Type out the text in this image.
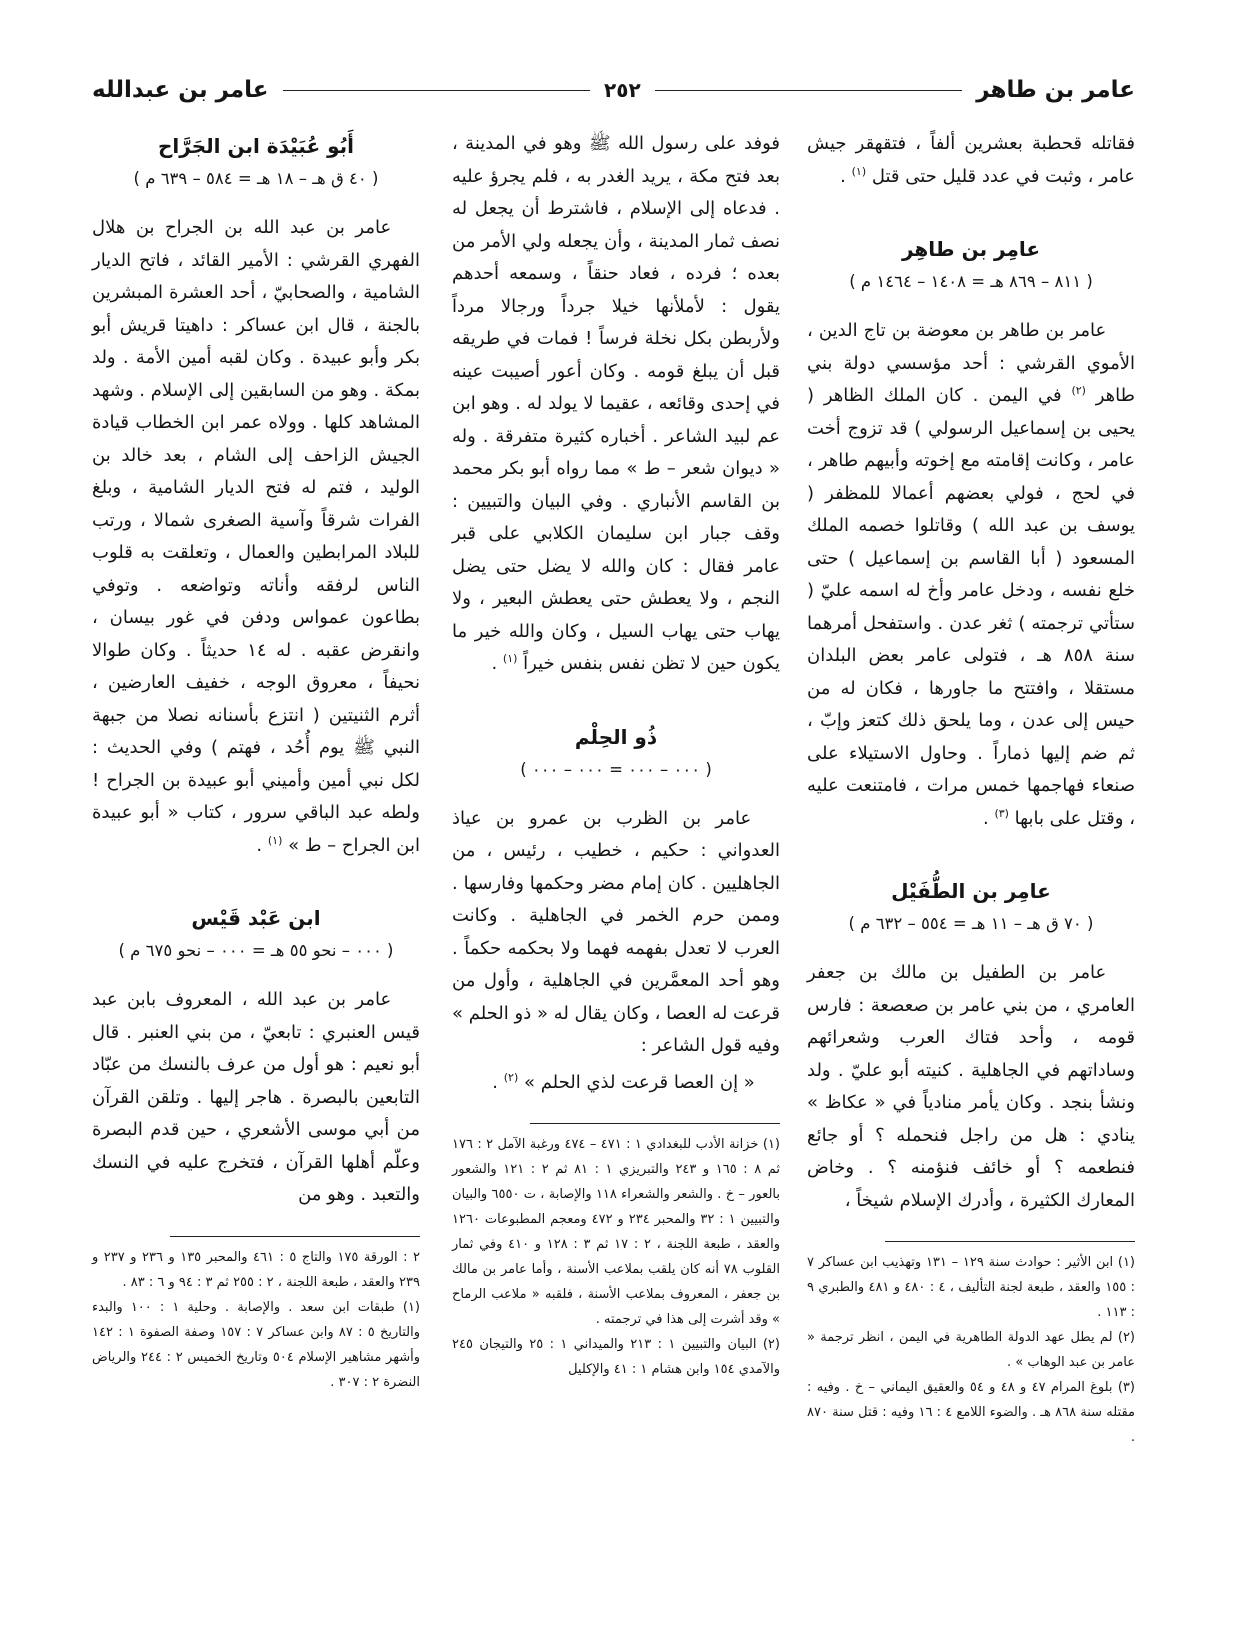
عامر بن طاهر
٢٥٢
عامر بن عبدالله

فقاتله قحطبة بعشرين ألفاً ، فتقهقر جيش عامر ، وثبت في عدد قليل حتى قتل $^{(١)}$ .

عامِر بن طاهِر
( ٨١١ – ٨٦٩ هـ = ١٤٠٨ – ١٤٦٤ م )

عامر بن طاهر بن معوضة بن تاج الدين ، الأموي القرشي : أحد مؤسسي دولة بني طاهر $^{(٢)}$ في اليمن . كان الملك الظاهر ( يحيى بن إسماعيل الرسولي ) قد تزوج أخت عامر ، وكانت إقامته مع إخوته وأبيهم طاهر ، في لحج ، فولي بعضهم أعمالا للمظفر ( يوسف بن عبد الله ) وقاتلوا خصمه الملك المسعود ( أبا القاسم بن إسماعيل ) حتى خلع نفسه ، ودخل عامر وأخ له اسمه عليّ ( ستأتي ترجمته ) ثغر عدن . واستفحل أمرهما سنة ٨٥٨ هـ ، فتولى عامر بعض البلدان مستقلا ، وافتتح ما جاورها ، فكان له من حيس إلى عدن ، وما يلحق ذلك كتعز وإبّ ، ثم ضم إليها ذماراً . وحاول الاستيلاء على صنعاء فهاجمها خمس مرات ، فامتنعت عليه ، وقتل على بابها $^{(٣)}$ .

عامِر بن الطُّفَيْل
( ٧٠ ق هـ – ١١ هـ = ٥٥٤ – ٦٣٢ م )

عامر بن الطفيل بن مالك بن جعفر العامري ، من بني عامر بن صعصعة : فارس قومه ، وأحد فتاك العرب وشعرائهم وساداتهم في الجاهلية . كنيته أبو عليّ . ولد ونشأ بنجد . وكان يأمر منادياً في « عكاظ » ينادي : هل من راجل فنحمله ؟ أو جائع فنطعمه ؟ أو خائف فنؤمنه ؟ . وخاض المعارك الكثيرة ، وأدرك الإسلام شيخاً ،

(١) ابن الأثير : حوادث سنة ١٢٩ – ١٣١ وتهذيب ابن عساكر ٧ : ١٥٥ والعقد ، طبعة لجنة التأليف ، ٤ : ٤٨٠ و ٤٨١ والطبري ٩ : ١١٣ .

(٢) لم يطل عهد الدولة الطاهرية في اليمن ، انظر ترجمة « عامر بن عبد الوهاب » .

(٣) بلوغ المرام ٤٧ و ٤٨ و ٥٤ والعقيق اليماني – خ . وفيه : مقتله سنة ٨٦٨ هـ . والضوء اللامع ٤ : ١٦ وفيه : قتل سنة ٨٧٠ .

فوفد على رسول الله ﷺ وهو في المدينة ، بعد فتح مكة ، يريد الغدر به ، فلم يجرؤ عليه . فدعاه إلى الإسلام ، فاشترط أن يجعل له نصف ثمار المدينة ، وأن يجعله ولي الأمر من بعده ؛ فرده ، فعاد حنقاً ، وسمعه أحدهم يقول : لأملأنها خيلا جرداً ورجالا مرداً ولأربطن بكل نخلة فرساً ! فمات في طريقه قبل أن يبلغ قومه . وكان أعور أصيبت عينه في إحدى وقائعه ، عقيما لا يولد له . وهو ابن عم لبيد الشاعر . أخباره كثيرة متفرقة . وله « ديوان شعر – ط » مما رواه أبو بكر محمد بن القاسم الأنباري . وفي البيان والتبيين : وقف جبار ابن سليمان الكلابي على قبر عامر فقال : كان والله لا يضل حتى يضل النجم ، ولا يعطش حتى يعطش البعير ، ولا يهاب حتى يهاب السيل ، وكان والله خير ما يكون حين لا تظن نفس بنفس خيراً $^{(١)}$ .

ذُو الحِلْم
( ٠٠٠ – ٠٠٠ = ٠٠٠ – ٠٠٠ )

عامر بن الظرب بن عمرو بن عياذ العدواني : حكيم ، خطيب ، رئيس ، من الجاهليين . كان إمام مضر وحكمها وفارسها . وممن حرم الخمر في الجاهلية . وكانت العرب لا تعدل بفهمه فهما ولا بحكمه حكماً . وهو أحد المعمَّرين في الجاهلية ، وأول من قرعت له العصا ، وكان يقال له « ذو الحلم » وفيه قول الشاعر :

« إن العصا قرعت لذي الحلم » $^{(٢)}$ .

(١) خزانة الأدب للبغدادي ١ : ٤٧١ – ٤٧٤ ورغبة الآمل ٢ : ١٧٦ ثم ٨ : ١٦٥ و ٢٤٣ والتبريزي ١ : ٨١ ثم ٢ : ١٢١ والشعور بالعور – خ . والشعر والشعراء ١١٨ والإصابة ، ت ٦٥٥٠ والبيان والتبيين ١ : ٣٢ والمحبر ٢٣٤ و ٤٧٢ ومعجم المطبوعات ١٢٦٠ والعقد ، طبعة اللجنة ، ٢ : ١٧ ثم ٣ : ١٢٨ و ٤١٠ وفي ثمار القلوب ٧٨ أنه كان يلقب بملاعب الأسنة ، وأما عامر بن مالك بن جعفر ، المعروف بملاعب الأسنة ، فلقبه « ملاعب الرماح » وقد أشرت إلى هذا في ترجمته .

(٢) البيان والتبيين ١ : ٢١٣ والميداني ١ : ٢٥ والتيجان ٢٤٥ والآمدي ١٥٤ وابن هشام ١ : ٤١ والإكليل

أَبُو عُبَيْدَة ابن الجَرَّاح
( ٤٠ ق هـ – ١٨ هـ = ٥٨٤ – ٦٣٩ م )

عامر بن عبد الله بن الجراح بن هلال الفهري القرشي : الأمير القائد ، فاتح الديار الشامية ، والصحابيّ ، أحد العشرة المبشرين بالجنة ، قال ابن عساكر : داهيتا قريش أبو بكر وأبو عبيدة . وكان لقبه أمين الأمة . ولد بمكة . وهو من السابقين إلى الإسلام . وشهد المشاهد كلها . وولاه عمر ابن الخطاب قيادة الجيش الزاحف إلى الشام ، بعد خالد بن الوليد ، فتم له فتح الديار الشامية ، وبلغ الفرات شرقاً وآسية الصغرى شمالا ، ورتب للبلاد المرابطين والعمال ، وتعلقت به قلوب الناس لرفقه وأناته وتواضعه . وتوفي بطاعون عمواس ودفن في غور بيسان ، وانقرض عقبه . له ١٤ حديثاً . وكان طوالا نحيفاً ، معروق الوجه ، خفيف العارضين ، أثرم الثنيتين ( انتزع بأسنانه نصلا من جبهة النبي ﷺ يوم أُحُد ، فهتم ) وفي الحديث : لكل نبي أمين وأميني أبو عبيدة بن الجراح ! ولطه عبد الباقي سرور ، كتاب « أبو عبيدة ابن الجراح – ط » $^{(١)}$ .

ابن عَبْد قَيْس
( ٠٠٠ – نحو ٥٥ هـ = ٠٠٠ – نحو ٦٧٥ م )

عامر بن عبد الله ، المعروف بابن عبد قيس العنبري : تابعيّ ، من بني العنبر . قال أبو نعيم : هو أول من عرف بالنسك من عبّاد التابعين بالبصرة . هاجر إليها . وتلقن القرآن من أبي موسى الأشعري ، حين قدم البصرة وعلّم أهلها القرآن ، فتخرج عليه في النسك والتعبد . وهو من

٢ : الورقة ١٧٥ والتاج ٥ : ٤٦١ والمحبر ١٣٥ و ٢٣٦ و ٢٣٧ و ٢٣٩ والعقد ، طبعة اللجنة ، ٢ : ٢٥٥ ثم ٣ : ٩٤ و ٦ : ٨٣ .

(١) طبقات ابن سعد . والإصابة . وحلية ١ : ١٠٠ والبدء والتاريخ ٥ : ٨٧ وابن عساكر ٧ : ١٥٧ وصفة الصفوة ١ : ١٤٢ وأشهر مشاهير الإسلام ٥٠٤ وتاريخ الخميس ٢ : ٢٤٤ والرياض النضرة ٢ : ٣٠٧ .
